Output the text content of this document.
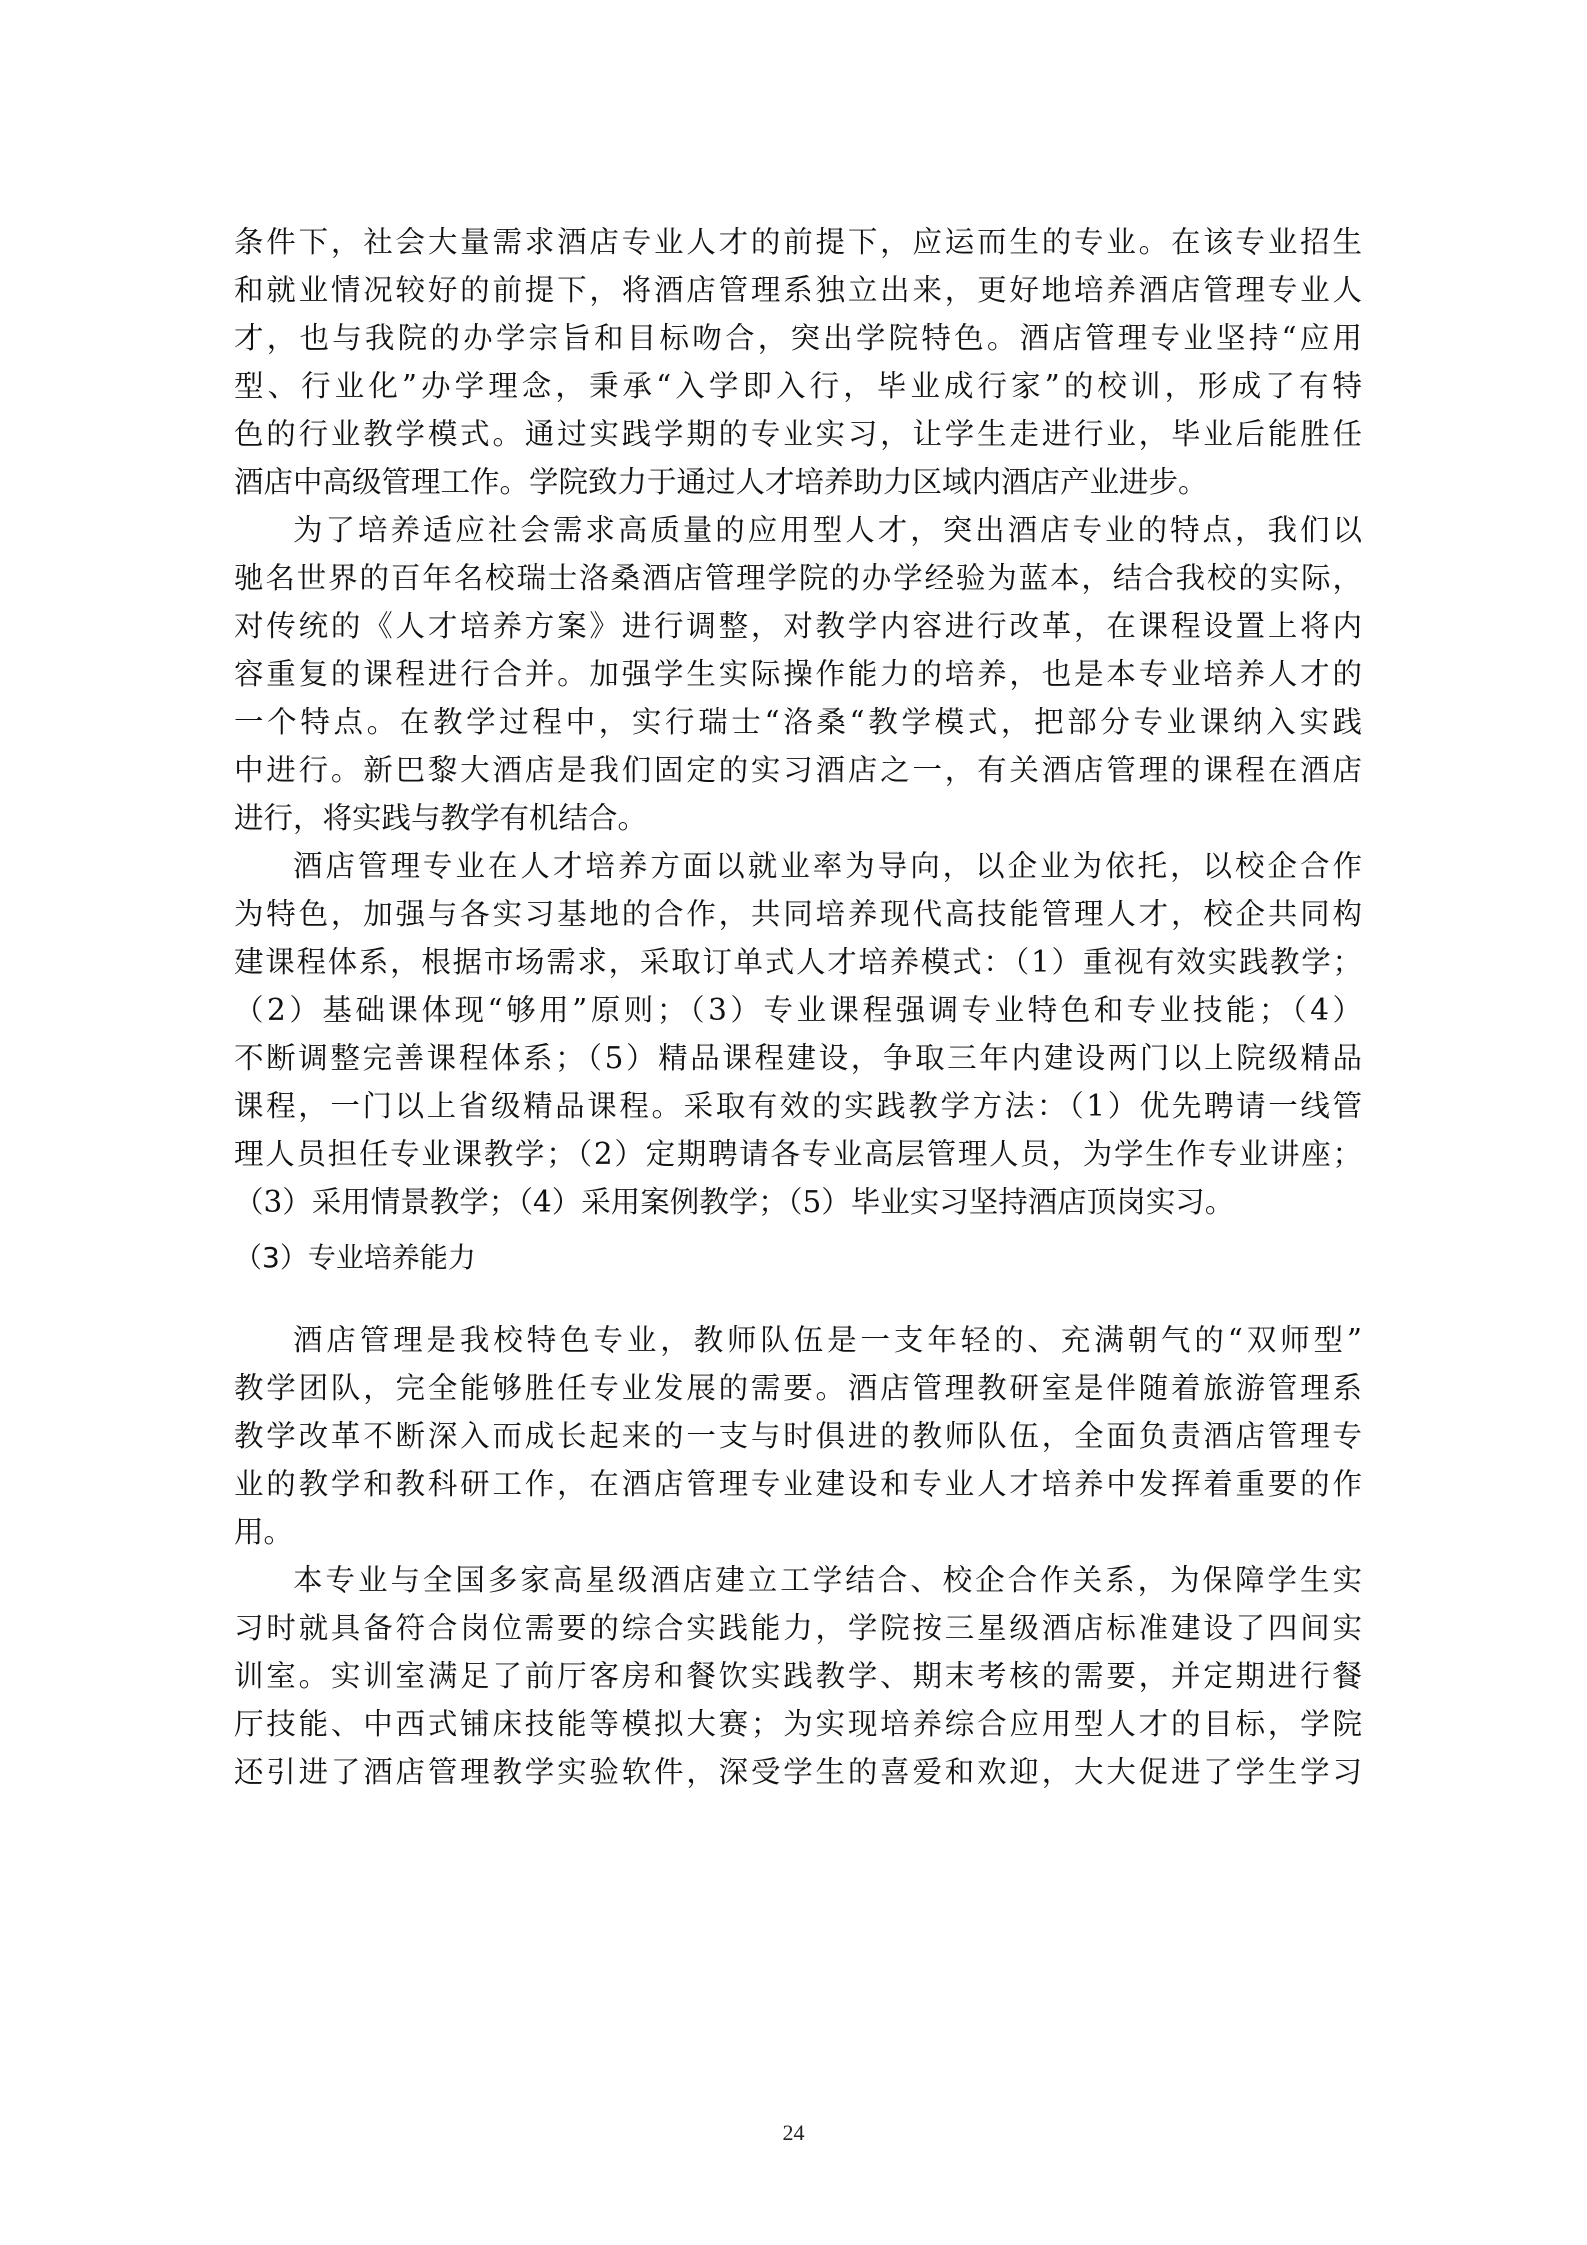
条件下，社会大量需求酒店专业人才的前提下，应运而生的专业。在该专业招生
和就业情况较好的前提下，将酒店管理系独立出来，更好地培养酒店管理专业人
才，也与我院的办学宗旨和目标吻合，突出学院特色。酒店管理专业坚持“应用
型、行业化”办学理念，秉承“入学即入行，毕业成行家”的校训，形成了有特
色的行业教学模式。通过实践学期的专业实习，让学生走进行业，毕业后能胜任
酒店中高级管理工作。学院致力于通过人才培养助力区域内酒店产业进步。
为了培养适应社会需求高质量的应用型人才，突出酒店专业的特点，我们以
驰名世界的百年名校瑞士洛桑酒店管理学院的办学经验为蓝本，结合我校的实际，
对传统的《人才培养方案》进行调整，对教学内容进行改革，在课程设置上将内
容重复的课程进行合并。加强学生实际操作能力的培养，也是本专业培养人才的
一个特点。在教学过程中，实行瑞士“洛桑“教学模式，把部分专业课纳入实践
中进行。新巴黎大酒店是我们固定的实习酒店之一，有关酒店管理的课程在酒店
进行，将实践与教学有机结合。
酒店管理专业在人才培养方面以就业率为导向，以企业为依托，以校企合作
为特色，加强与各实习基地的合作，共同培养现代高技能管理人才，校企共同构
建课程体系，根据市场需求，采取订单式人才培养模式：（1）重视有效实践教学；
（2）基础课体现“够用”原则；（3）专业课程强调专业特色和专业技能；（4）
不断调整完善课程体系；（5）精品课程建设，争取三年内建设两门以上院级精品
课程，一门以上省级精品课程。采取有效的实践教学方法：（1）优先聘请一线管
理人员担任专业课教学；（2）定期聘请各专业高层管理人员，为学生作专业讲座；
（3）采用情景教学；（4）采用案例教学；（5）毕业实习坚持酒店顶岗实习。
（3）专业培养能力
酒店管理是我校特色专业，教师队伍是一支年轻的、充满朝气的“双师型”
教学团队，完全能够胜任专业发展的需要。酒店管理教研室是伴随着旅游管理系
教学改革不断深入而成长起来的一支与时俱进的教师队伍，全面负责酒店管理专
业的教学和教科研工作，在酒店管理专业建设和专业人才培养中发挥着重要的作
用。
本专业与全国多家高星级酒店建立工学结合、校企合作关系，为保障学生实
习时就具备符合岗位需要的综合实践能力，学院按三星级酒店标准建设了四间实
训室。实训室满足了前厅客房和餐饮实践教学、期末考核的需要，并定期进行餐
厅技能、中西式铺床技能等模拟大赛；为实现培养综合应用型人才的目标，学院
还引进了酒店管理教学实验软件，深受学生的喜爱和欢迎，大大促进了学生学习
24
